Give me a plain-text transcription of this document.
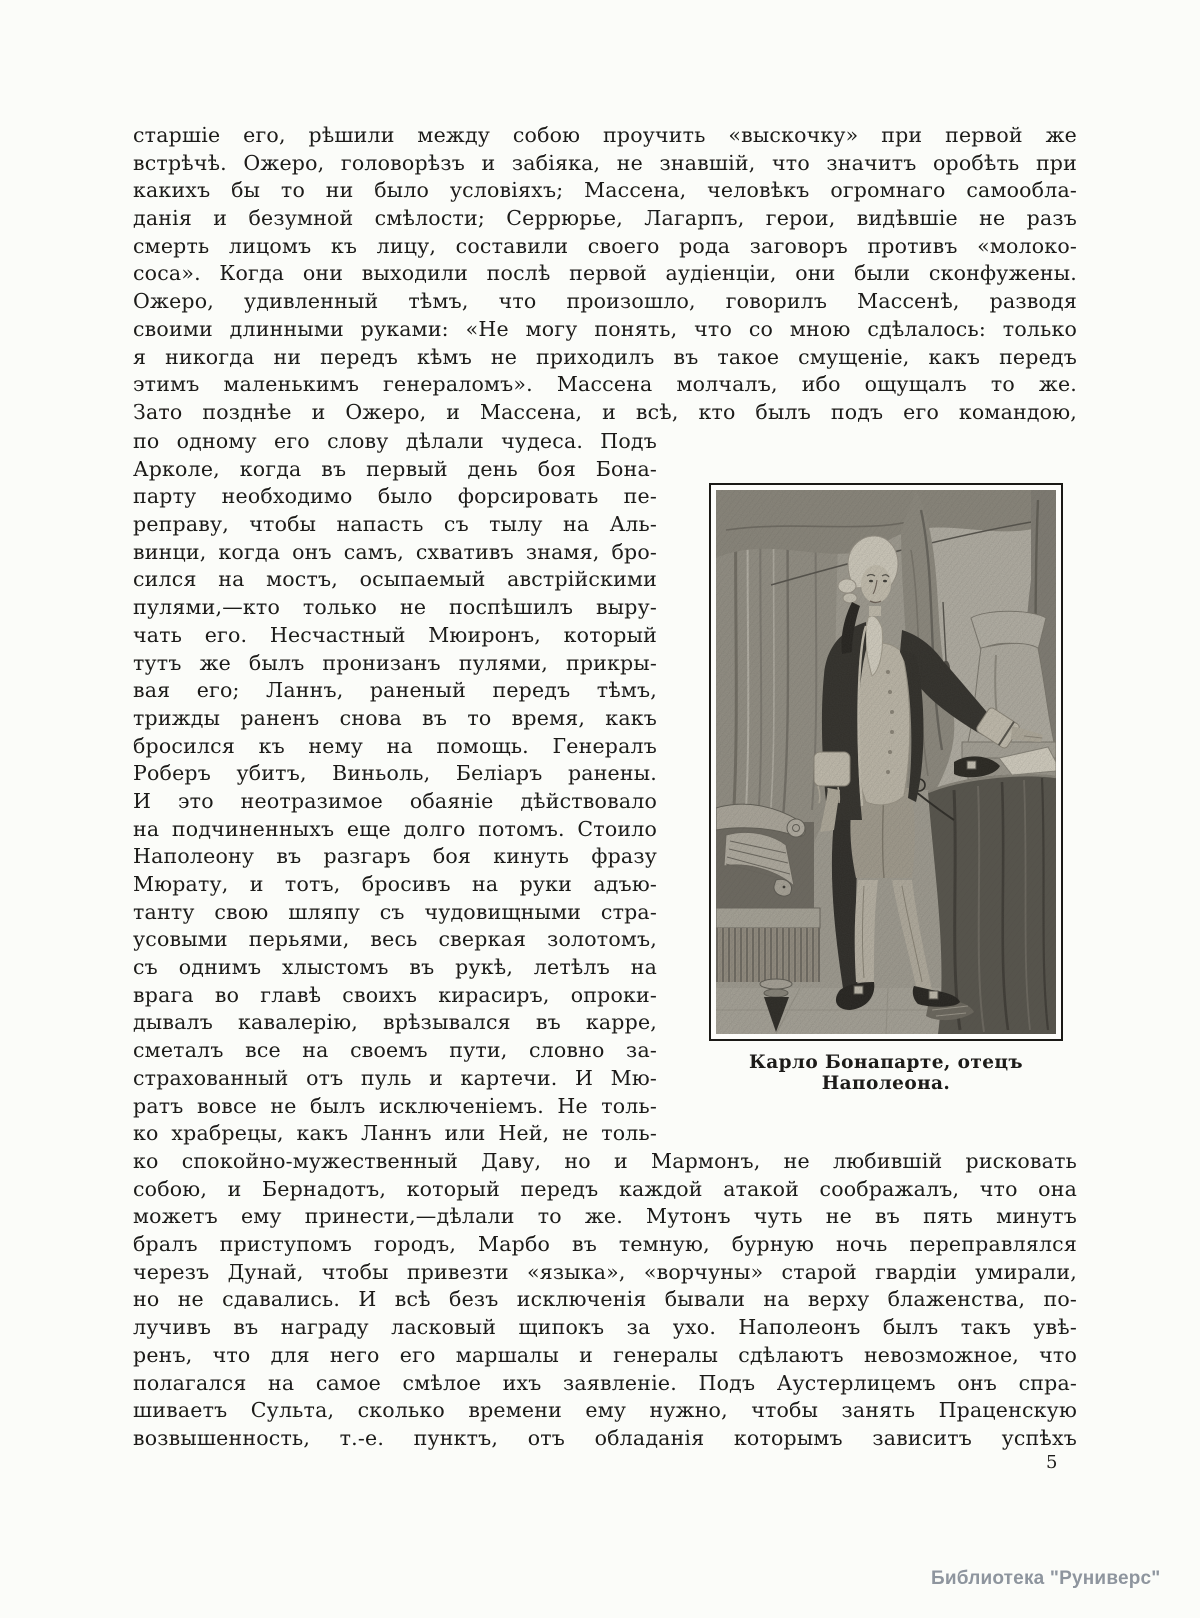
старшіе его, рѣшили между собою проучить «выскочку» при первой же
встрѣчѣ. Ожеро, головорѣзъ и забіяка, не знавшій, что значитъ оробѣть при
какихъ бы то ни было условіяхъ; Массена, человѣкъ огромнаго самообла-
данія и безумной смѣлости; Серрюрье, Лагарпъ, герои, видѣвшіе не разъ
смерть лицомъ къ лицу, составили своего рода заговоръ противъ «молоко-
соса». Когда они выходили послѣ первой аудіенціи, они были сконфужены.
Ожеро, удивленный тѣмъ, что произошло, говорилъ Массенѣ, разводя
своими длинными руками: «Не могу понять, что со мною сдѣлалось: только
я никогда ни передъ кѣмъ не приходилъ въ такое смущеніе, какъ передъ
этимъ маленькимъ генераломъ». Массена молчалъ, ибо ощущалъ то же.
Зато позднѣе и Ожеро, и Массена, и всѣ, кто былъ подъ его командою,
по одному его слову дѣлали чудеса. Подъ
Арколе, когда въ первый день боя Бона-
парту необходимо было форсировать пе-
реправу, чтобы напасть съ тылу на Аль-
винци, когда онъ самъ, схвативъ знамя, бро-
сился на мостъ, осыпаемый австрійскими
пулями,—кто только не поспѣшилъ выру-
чать его. Несчастный Мюиронъ, который
тутъ же былъ пронизанъ пулями, прикры-
вая его; Ланнъ, раненый передъ тѣмъ,
трижды раненъ снова въ то время, какъ
бросился къ нему на помощь. Генералъ
Роберъ убитъ, Виньоль, Беліаръ ранены.
И это неотразимое обаяніе дѣйствовало
на подчиненныхъ еще долго потомъ. Стоило
Наполеону въ разгаръ боя кинуть фразу
Мюрату, и тотъ, бросивъ на руки адъю-
танту свою шляпу съ чудовищными стра-
усовыми перьями, весь сверкая золотомъ,
съ однимъ хлыстомъ въ рукѣ, летѣлъ на
врага во главѣ своихъ кирасиръ, опроки-
дывалъ кавалерію, врѣзывался въ карре,
сметалъ все на своемъ пути, словно за-
страхованный отъ пуль и картечи. И Мю-
ратъ вовсе не былъ исключеніемъ. Не толь-
ко храбрецы, какъ Ланнъ или Ней, не толь-
Карло Бонапарте, отецъ Наполеона.
ко спокойно-мужественный Даву, но и Мармонъ, не любившій рисковать
собою, и Бернадотъ, который передъ каждой атакой соображалъ, что она
можетъ ему принести,—дѣлали то же. Мутонъ чуть не въ пять минутъ
бралъ приступомъ городъ, Марбо въ темную, бурную ночь переправлялся
черезъ Дунай, чтобы привезти «языка», «ворчуны» старой гвардіи умирали,
но не сдавались. И всѣ безъ исключенія бывали на верху блаженства, по-
лучивъ въ награду ласковый щипокъ за ухо. Наполеонъ былъ такъ увѣ-
ренъ, что для него его маршалы и генералы сдѣлаютъ невозможное, что
полагался на самое смѣлое ихъ заявленіе. Подъ Аустерлицемъ онъ спра-
шиваетъ Сульта, сколько времени ему нужно, чтобы занять Праценскую
возвышенность, т.-е. пунктъ, отъ обладанія которымъ зависитъ успѣхъ
5
Библиотека "Руниверс"
